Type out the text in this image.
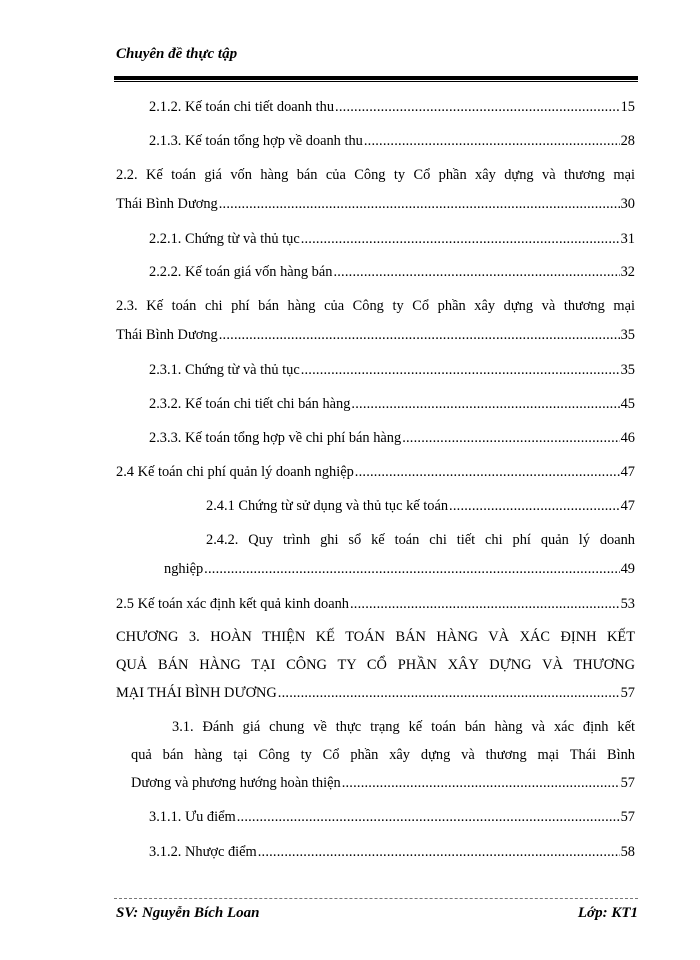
Chuyên đề thực tập
2.1.2. Kế toán chi tiết doanh thu .....	15
2.1.3. Kế toán tổng hợp về doanh thu .....	28
2.2. Kế toán giá vốn hàng bán của Công ty Cổ phần xây dựng và thương mại
Thái Bình Dương .....	30
2.2.1. Chứng từ và thủ tục .....	31
2.2.2. Kế toán giá vốn hàng bán .....	32
2.3. Kế toán chi phí bán hàng của Công ty Cổ phần xây dựng và thương mại
Thái Bình Dương .....	35
2.3.1. Chứng từ và thủ tục .....	35
2.3.2. Kế toán chi tiết chi bán hàng .....	45
2.3.3. Kế toán tổng hợp về chi phí bán hàng .....	46
2.4 Kế toán chi phí quản lý doanh nghiệp .....	47
2.4.1 Chứng từ sử dụng và thủ tục kế toán .....	47
2.4.2. Quy trình ghi sổ kế toán chi tiết chi phí quản lý doanh
nghiệp .....	49
2.5 Kế toán xác định kết quả kinh doanh .....	53
CHƯƠNG 3. HOÀN THIỆN KẾ TOÁN BÁN HÀNG VÀ XÁC ĐỊNH KẾT
QUẢ BÁN HÀNG TẠI CÔNG TY CỔ PHẦN XÂY DỰNG VÀ THƯƠNG
MẠI THÁI BÌNH DƯƠNG .....	57
3.1. Đánh giá chung về thực trạng kế toán bán hàng và xác định kết
quả bán hàng tại Công ty Cổ phần xây dựng và thương mại Thái Bình
Dương và phương hướng hoàn thiện .....	57
3.1.1. Ưu điểm .....	57
3.1.2. Nhược điểm .....	58
SV: Nguyễn Bích Loan	Lớp: KT1
